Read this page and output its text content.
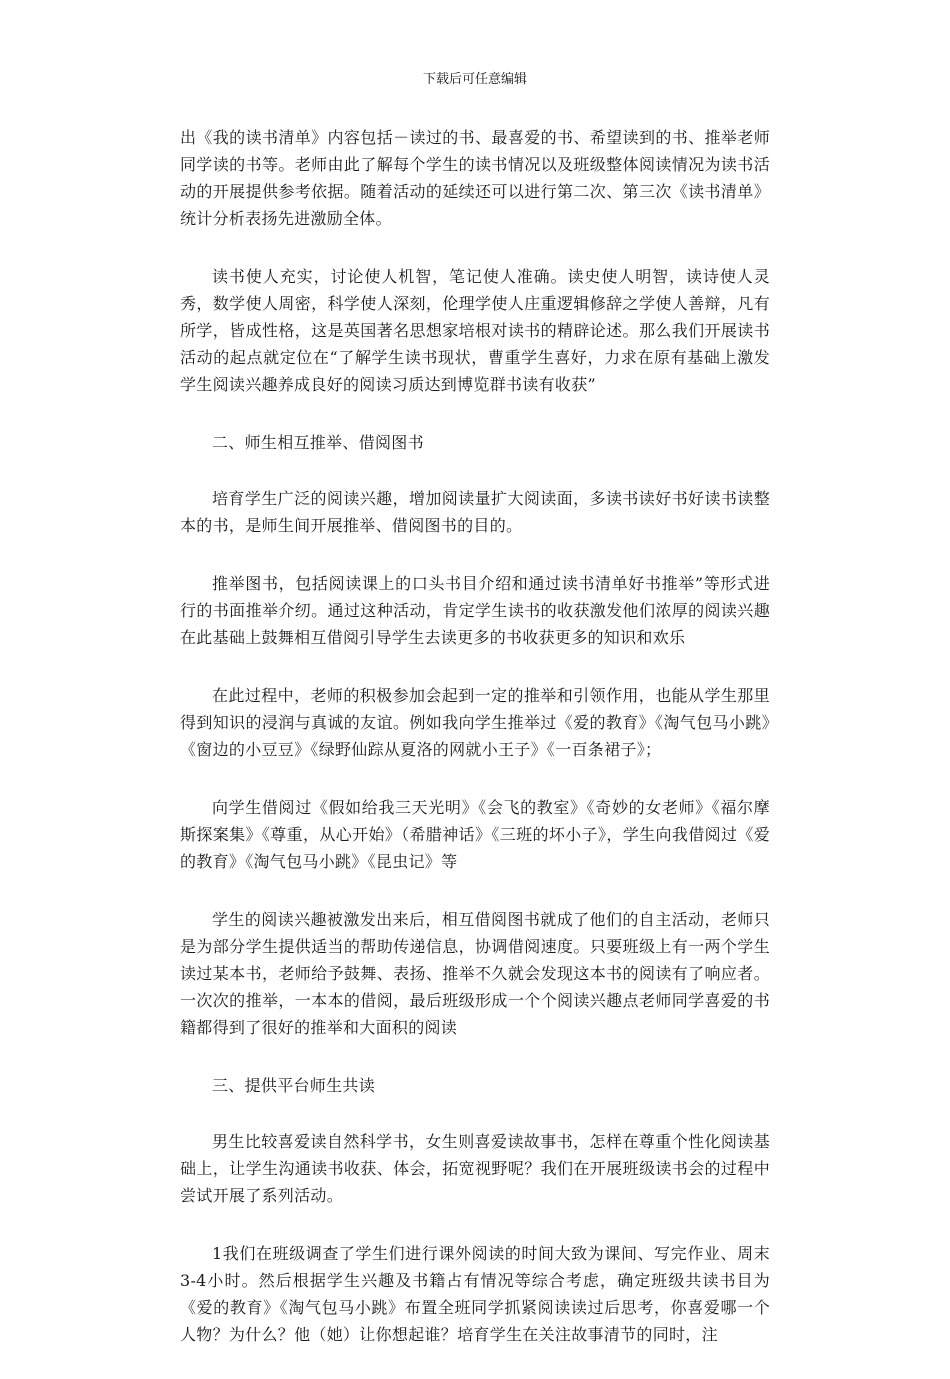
下载后可任意编辑

出《我的读书清单》内容包括－读过的书、最喜爱的书、希望读到的书、推举老师同学读的书等。老师由此了解每个学生的读书情况以及班级整体阅读情况为读书活动的开展提供参考依据。随着活动的延续还可以进行第二次、第三次《读书清单》统计分析表扬先进激励全体。

读书使人充实，讨论使人机智，笔记使人准确。读史使人明智，读诗使人灵秀，数学使人周密，科学使人深刻，伦理学使人庄重逻辑修辞之学使人善辩，凡有所学，皆成性格，这是英国著名思想家培根对读书的精辟论述。那么我们开展读书活动的起点就定位在“了解学生读书现状，曹重学生喜好，力求在原有基础上激发学生阅读兴趣养成良好的阅读习质达到博览群书读有收获”

二、师生相互推举、借阅图书

培育学生广泛的阅读兴趣，增加阅读量扩大阅读面，多读书读好书好读书读整本的书，是师生间开展推举、借阅图书的目的。

推举图书，包括阅读课上的口头书目介绍和通过读书清单好书推举”等形式进行的书面推举介纫。通过这种活动，肯定学生读书的收获激发他们浓厚的阅读兴趣在此基础上鼓舞相互借阅引导学生去读更多的书收获更多的知识和欢乐

在此过程中，老师的积极参加会起到一定的推举和引领作用，也能从学生那里得到知识的浸润与真诚的友谊。例如我向学生推举过《爱的教育》《淘气包马小跳》《窗边的小豆豆》《绿野仙踪从夏洛的网就小王子》《一百条裙子》；

向学生借阅过《假如给我三天光明》《会飞的教室》《奇妙的女老师》《福尔摩斯探案集》《尊重，从心开始》（希腊神话》《三班的坏小子》，学生向我借阅过《爱的教育》《淘气包马小跳》《昆虫记》等

学生的阅读兴趣被激发出来后，相互借阅图书就成了他们的自主活动，老师只是为部分学生提供适当的帮助传递信息，协调借阅速度。只要班级上有一两个学生读过某本书，老师给予鼓舞、表扬、推举不久就会发现这本书的阅读有了响应者。一次次的推举，一本本的借阅，最后班级形成一个个阅读兴趣点老师同学喜爱的书籍都得到了很好的推举和大面积的阅读

三、提供平台师生共读

男生比较喜爱读自然科学书，女生则喜爱读故事书，怎样在尊重个性化阅读基础上，让学生沟通读书收获、体会，拓宽视野呢？我们在开展班级读书会的过程中尝试开展了系列活动。

1我们在班级调查了学生们进行课外阅读的时间大致为课间、写完作业、周末3-4小时。然后根据学生兴趣及书籍占有情况等综合考虑，确定班级共读书目为《爱的教育》《淘气包马小跳》布置全班同学抓紧阅读读过后思考，你喜爱哪一个人物？为什么？他（她）让你想起谁？培育学生在关注故事清节的同时，注
